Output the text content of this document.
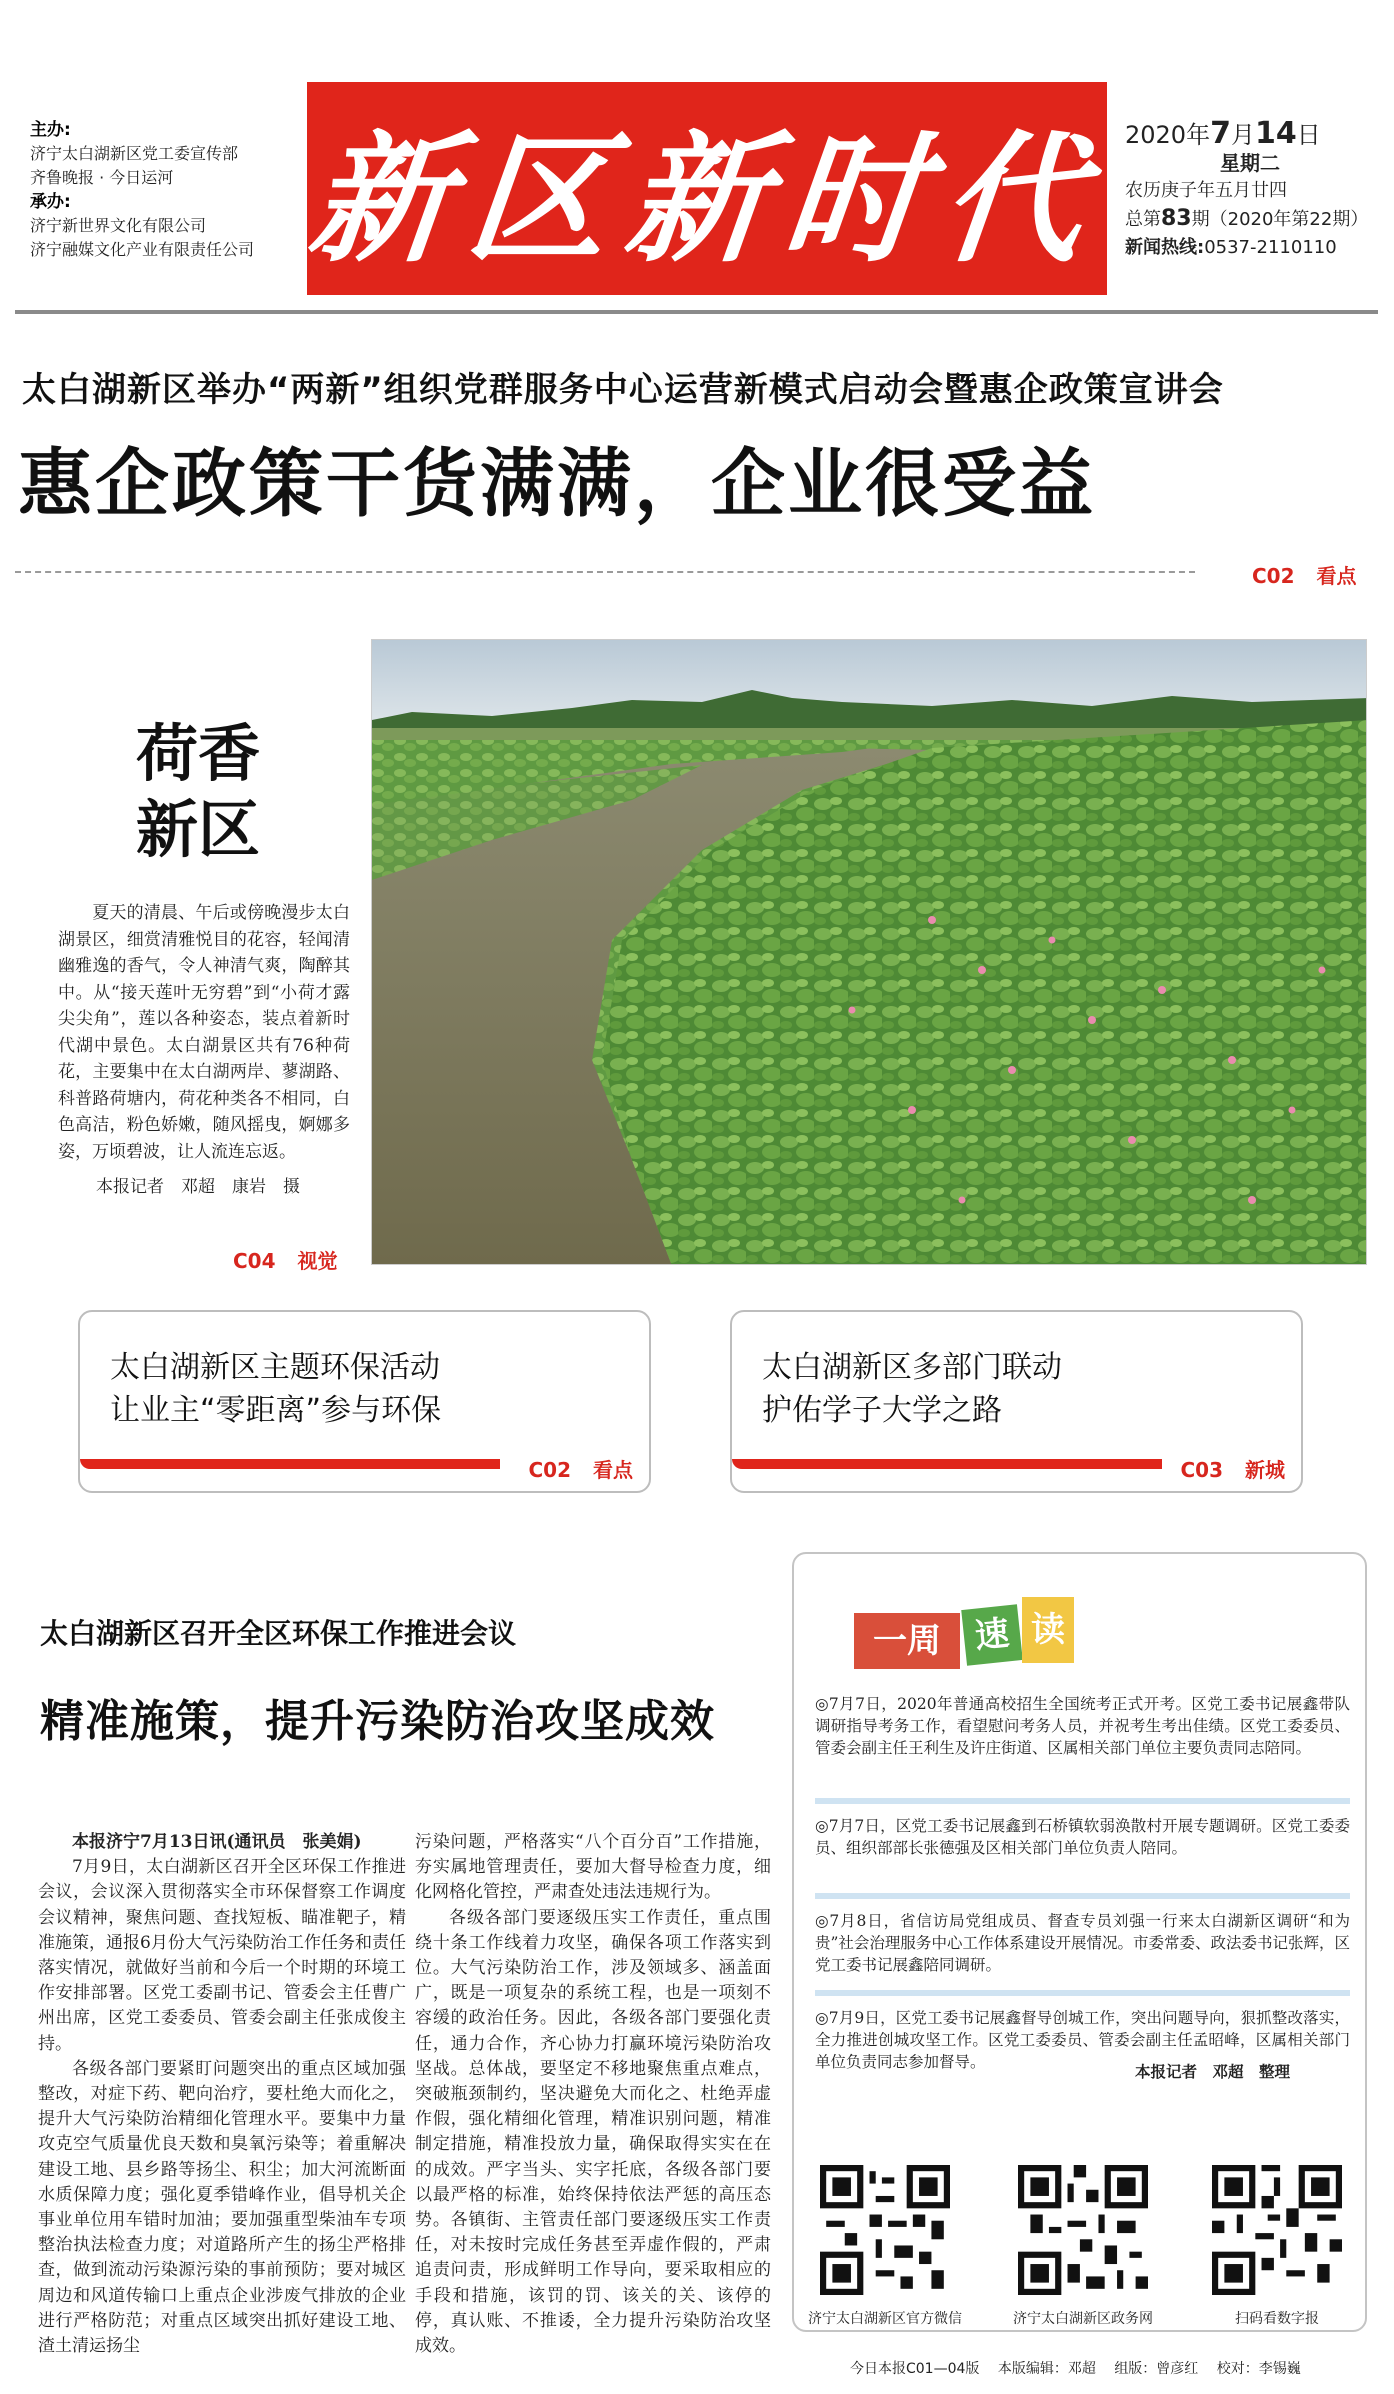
主办:
济宁太白湖新区党工委宣传部
齐鲁晚报 · 今日运河
承办:
济宁新世界文化有限公司
济宁融媒文化产业有限责任公司 新区新时代 2020年7月14日
星期二
农历庚子年五月廿四
总第83期（2020年第22期）
新闻热线:0537-2110110
太白湖新区举办“两新”组织党群服务中心运营新模式启动会暨惠企政策宣讲会
惠企政策干货满满，企业很受益
C02 看点
荷香
新区
夏天的清晨、午后或傍晚漫步太白湖景区，细赏清雅悦目的花容，轻闻清幽雅逸的香气，令人神清气爽，陶醉其中。从“接天莲叶无穷碧”到“小荷才露尖尖角”，莲以各种姿态，装点着新时代湖中景色。太白湖景区共有76种荷花，主要集中在太白湖两岸、蓼湖路、科普路荷塘内，荷花种类各不相同，白色高洁，粉色娇嫩，随风摇曳，婀娜多姿，万顷碧波，让人流连忘返。
本报记者　邓超　康岩　摄
C04 视觉
太白湖新区主题环保活动
让业主“零距离”参与环保
C02 看点
太白湖新区多部门联动
护佑学子大学之路
C03 新城
太白湖新区召开全区环保工作推进会议
精准施策，提升污染防治攻坚成效

本报济宁7月13日讯(通讯员　张美娟)

7月9日，太白湖新区召开全区环保工作推进会议，会议深入贯彻落实全市环保督察工作调度会议精神，聚焦问题、查找短板、瞄准靶子，精准施策，通报6月份大气污染防治工作任务和责任落实情况，就做好当前和今后一个时期的环境工作安排部署。区党工委副书记、管委会主任曹广州出席，区党工委委员、管委会副主任张成俊主持。

各级各部门要紧盯问题突出的重点区域加强整改，对症下药、靶向治疗，要杜绝大而化之，提升大气污染防治精细化管理水平。要集中力量攻克空气质量优良天数和臭氧污染等；着重解决建设工地、县乡路等扬尘、积尘；加大河流断面水质保障力度；强化夏季错峰作业，倡导机关企事业单位用车错时加油；要加强重型柴油车专项整治执法检查力度；对道路所产生的扬尘严格排查，做到流动污染源污染的事前预防；要对城区周边和风道传输口上重点企业涉废气排放的企业进行严格防范；对重点区域突出抓好建设工地、渣土清运扬尘

污染问题，严格落实“八个百分百”工作措施，夯实属地管理责任，要加大督导检查力度，细化网格化管控，严肃查处违法违规行为。

各级各部门要逐级压实工作责任，重点围绕十条工作线着力攻坚，确保各项工作落实到位。大气污染防治工作，涉及领域多、涵盖面广，既是一项复杂的系统工程，也是一项刻不容缓的政治任务。因此，各级各部门要强化责任，通力合作，齐心协力打赢环境污染防治攻坚战。总体战，要坚定不移地聚焦重点难点，突破瓶颈制约，坚决避免大而化之、杜绝弄虚作假，强化精细化管理，精准识别问题，精准制定措施，精准投放力量，确保取得实实在在的成效。严字当头、实字托底，各级各部门要以最严格的标准，始终保持依法严惩的高压态势。各镇街、主管责任部门要逐级压实工作责任，对未按时完成任务甚至弄虚作假的，严肃追责问责，形成鲜明工作导向，要采取相应的手段和措施，该罚的罚、该关的关、该停的停，真认账、不推诿，全力提升污染防治攻坚成效。

一周 速 读
◎7月7日，2020年普通高校招生全国统考正式开考。区党工委书记展鑫带队调研指导考务工作，看望慰问考务人员，并祝考生考出佳绩。区党工委委员、管委会副主任王利生及许庄街道、区属相关部门单位主要负责同志陪同。
◎7月7日，区党工委书记展鑫到石桥镇软弱涣散村开展专题调研。区党工委委员、组织部部长张德强及区相关部门单位负责人陪同。
◎7月8日，省信访局党组成员、督查专员刘强一行来太白湖新区调研“和为贵”社会治理服务中心工作体系建设开展情况。市委常委、政法委书记张辉，区党工委书记展鑫陪同调研。
◎7月9日，区党工委书记展鑫督导创城工作，突出问题导向，狠抓整改落实，全力推进创城攻坚工作。区党工委委员、管委会副主任孟昭峰，区属相关部门单位负责同志参加督导。	本报记者　邓超　整理
济宁太白湖新区官方微信	济宁太白湖新区政务网	扫码看数字报
今日本报C01—04版 本版编辑：邓超 组版：曾彦红 校对：李锡巍
